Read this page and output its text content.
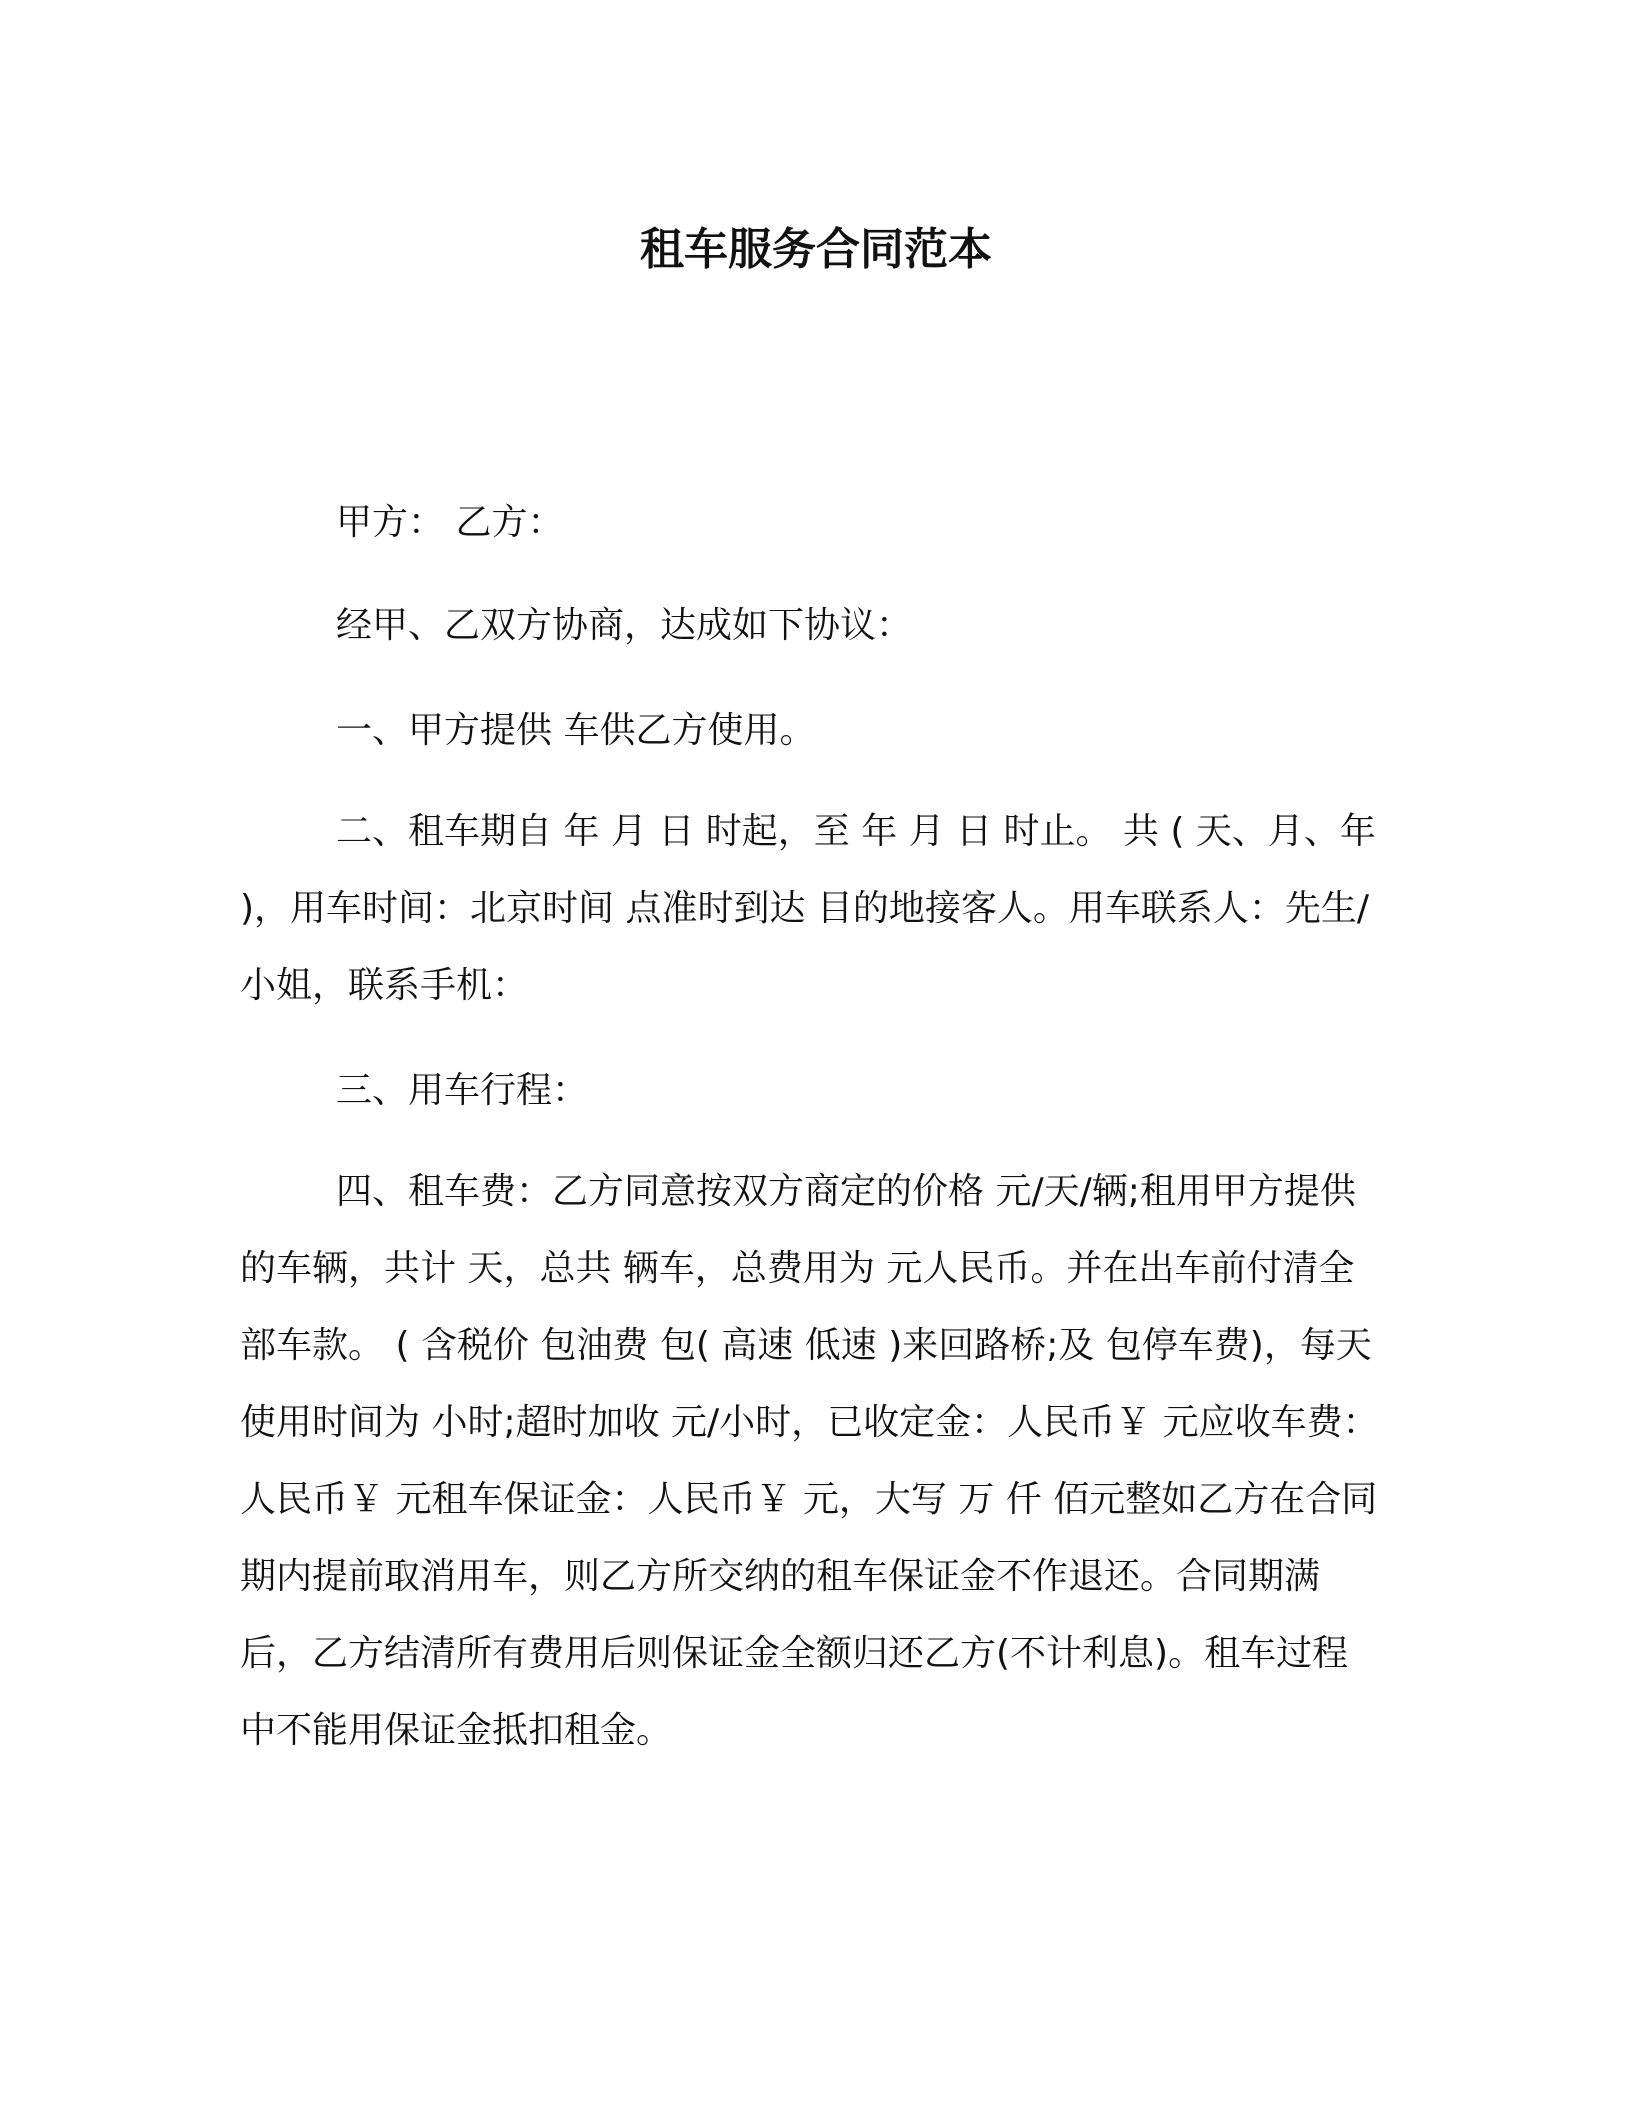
租车服务合同范本

甲方： 乙方：

经甲、乙双方协商，达成如下协议：

一、甲方提供 车供乙方使用。

二、租车期自 年 月 日 时起，至 年 月 日 时止。 共 ( 天、月、年 )，用车时间：北京时间 点准时到达 目的地接客人。用车联系人：先生/小姐，联系手机：

三、用车行程：

四、租车费：乙方同意按双方商定的价格 元/天/辆;租用甲方提供的车辆，共计 天，总共 辆车，总费用为 元人民币。并在出车前付清全部车款。 ( 含税价 包油费 包( 高速 低速 )来回路桥;及 包停车费)，每天使用时间为 小时;超时加收 元/小时，已收定金：人民币￥ 元应收车费：人民币￥ 元租车保证金：人民币￥ 元，大写 万 仟 佰元整如乙方在合同期内提前取消用车，则乙方所交纳的租车保证金不作退还。合同期满后，乙方结清所有费用后则保证金全额归还乙方(不计利息)。租车过程中不能用保证金抵扣租金。
